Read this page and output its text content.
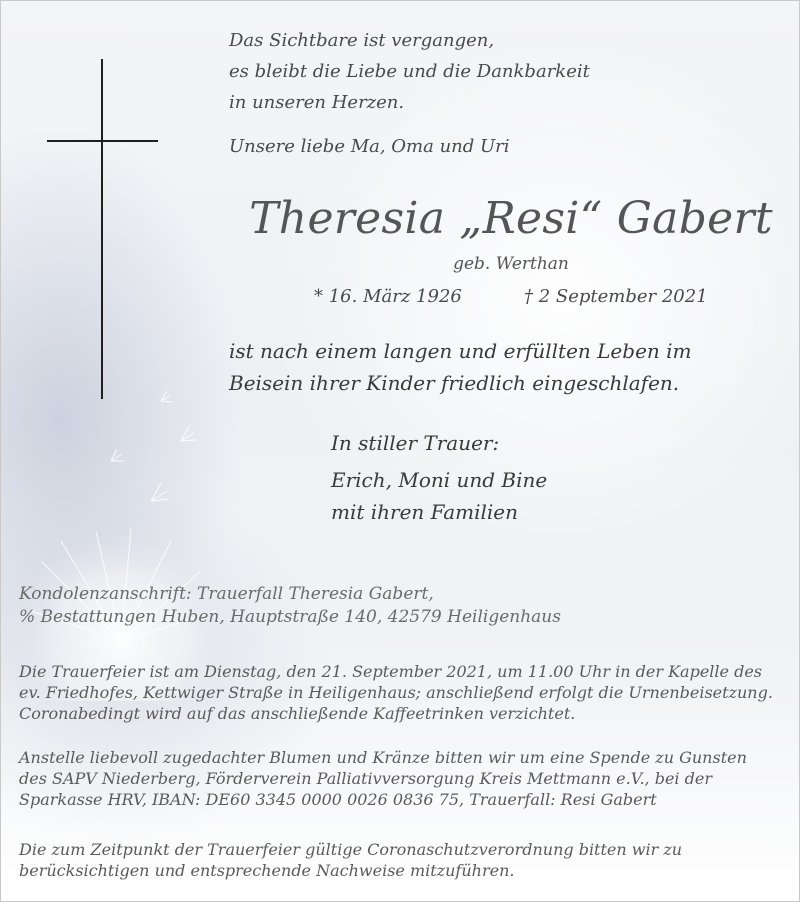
Das Sichtbare ist vergangen,
es bleibt die Liebe und die Dankbarkeit
in unseren Herzen.
Unsere liebe Ma, Oma und Uri
Theresia „Resi“ Gabert
geb. Werthan
* 16. März 1926	† 2 September 2021
ist nach einem langen und erfüllten Leben im
Beisein ihrer Kinder friedlich eingeschlafen.
In stiller Trauer:
Erich, Moni und Bine
mit ihren Familien
Kondolenzanschrift: Trauerfall Theresia Gabert,
% Bestattungen Huben, Hauptstraße 140, 42579 Heiligenhaus
Die Trauerfeier ist am Dienstag, den 21. September 2021, um 11.00 Uhr in der Kapelle des
ev. Friedhofes, Kettwiger Straße in Heiligenhaus; anschließend erfolgt die Urnenbeisetzung.
Coronabedingt wird auf das anschließende Kaffeetrinken verzichtet.
Anstelle liebevoll zugedachter Blumen und Kränze bitten wir um eine Spende zu Gunsten
des SAPV Niederberg, Förderverein Palliativversorgung Kreis Mettmann e.V., bei der
Sparkasse HRV, IBAN: DE60 3345 0000 0026 0836 75, Trauerfall: Resi Gabert
Die zum Zeitpunkt der Trauerfeier gültige Coronaschutzverordnung bitten wir zu
berücksichtigen und entsprechende Nachweise mitzuführen.
